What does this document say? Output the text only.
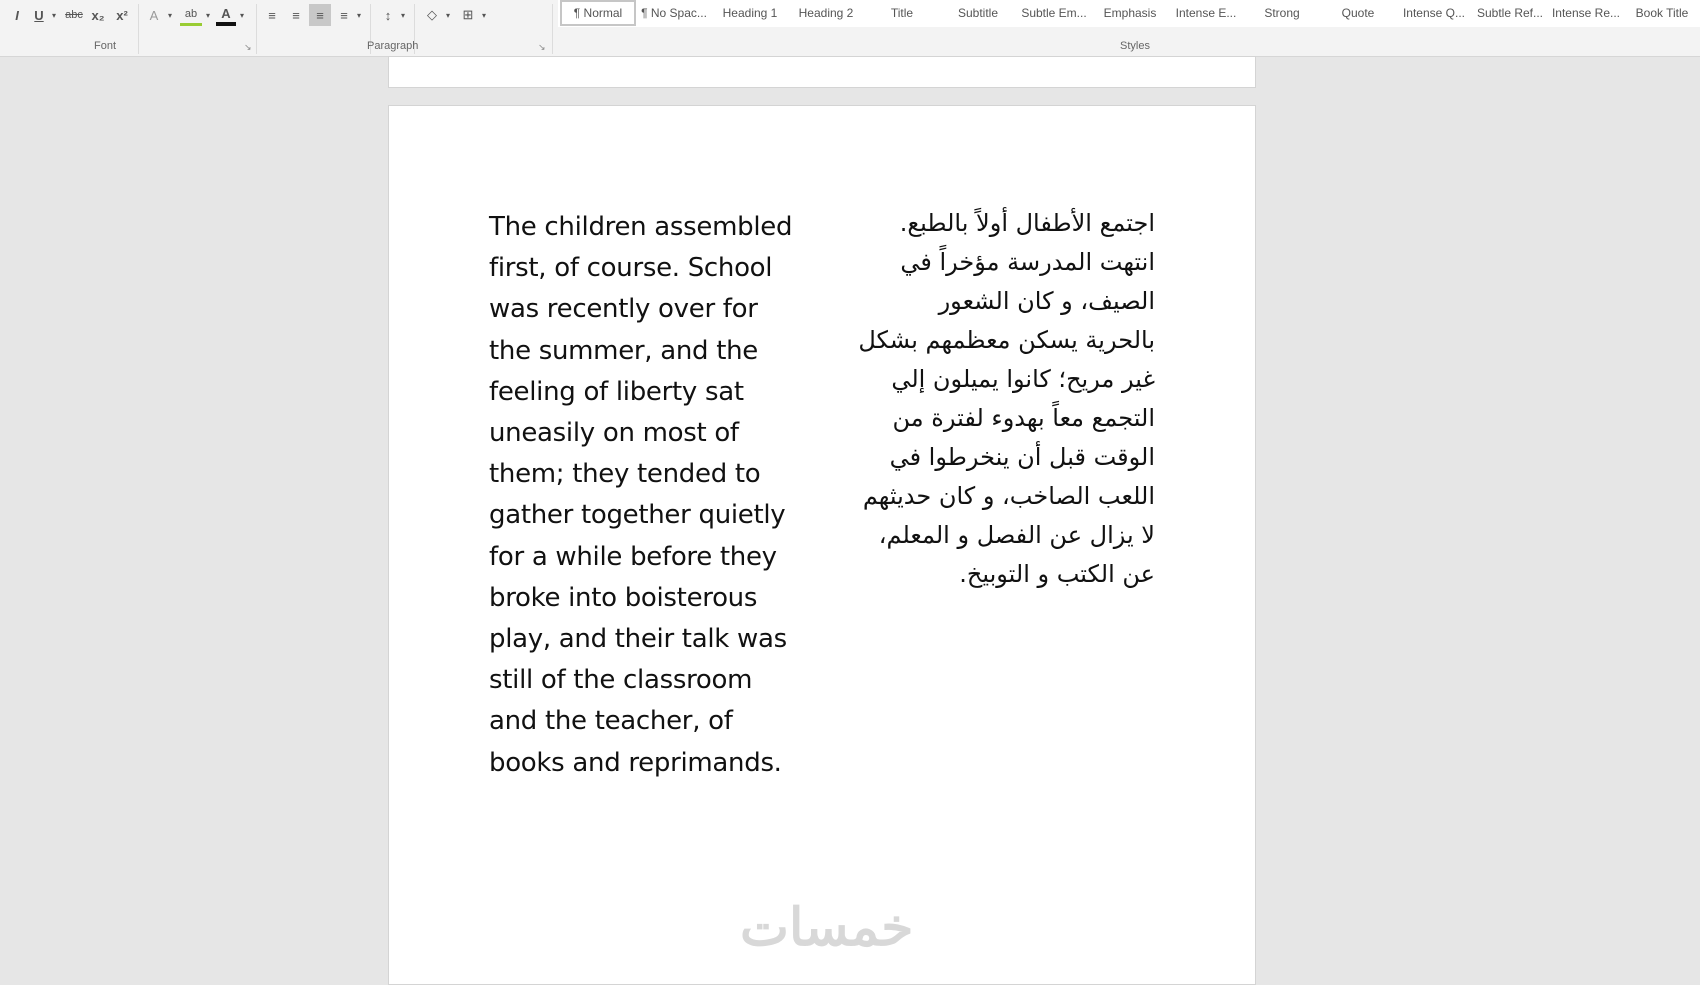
I	U	▾ abc x₂ x²	A	▾	ab	▾ A	▾
Font	↘
≡	≡	≡	≡	▾	↕	▾	◇	▾ ⊞	▾
Paragraph	↘
¶ Normal	¶ No Spac...	Heading 1	Heading 2	Title	Subtitle	Subtle Em...	Emphasis	Intense E...	Strong	Quote	Intense Q... Subtle Ref... Intense Re...	Book Title
Styles
The children assembled
first, of course. School
was recently over for
the summer, and the
feeling of liberty sat
uneasily on most of
them; they tended to
gather together quietly
for a while before they
broke into boisterous
play, and their talk was
still of the classroom
and the teacher, of
books and reprimands.
اجتمع الأطفال أولاً بالطبع.
انتهت المدرسة مؤخراً في
الصيف، و كان الشعور
بالحرية يسكن معظمهم بشكل
غير مريح؛ كانوا يميلون إلي
التجمع معاً بهدوء لفترة من
الوقت قبل أن ينخرطوا في
اللعب الصاخب، و كان حديثهم
لا يزال عن الفصل و المعلم،
عن الكتب و التوبيخ.
خمسات
